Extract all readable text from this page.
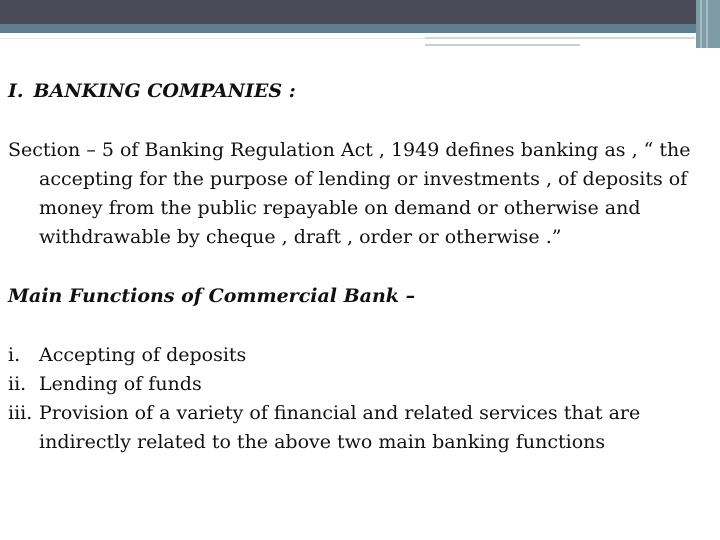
I. BANKING COMPANIES :

Section – 5 of Banking Regulation Act , 1949 defines banking as , “ the accepting for the purpose of lending or investments , of deposits of money from the public repayable on demand or otherwise and withdrawable by cheque , draft , order or otherwise .”

Main Functions of Commercial Bank –

i. Accepting of deposits
ii. Lending of funds
iii. Provision of a variety of financial and related services that are indirectly related to the above two main banking functions
